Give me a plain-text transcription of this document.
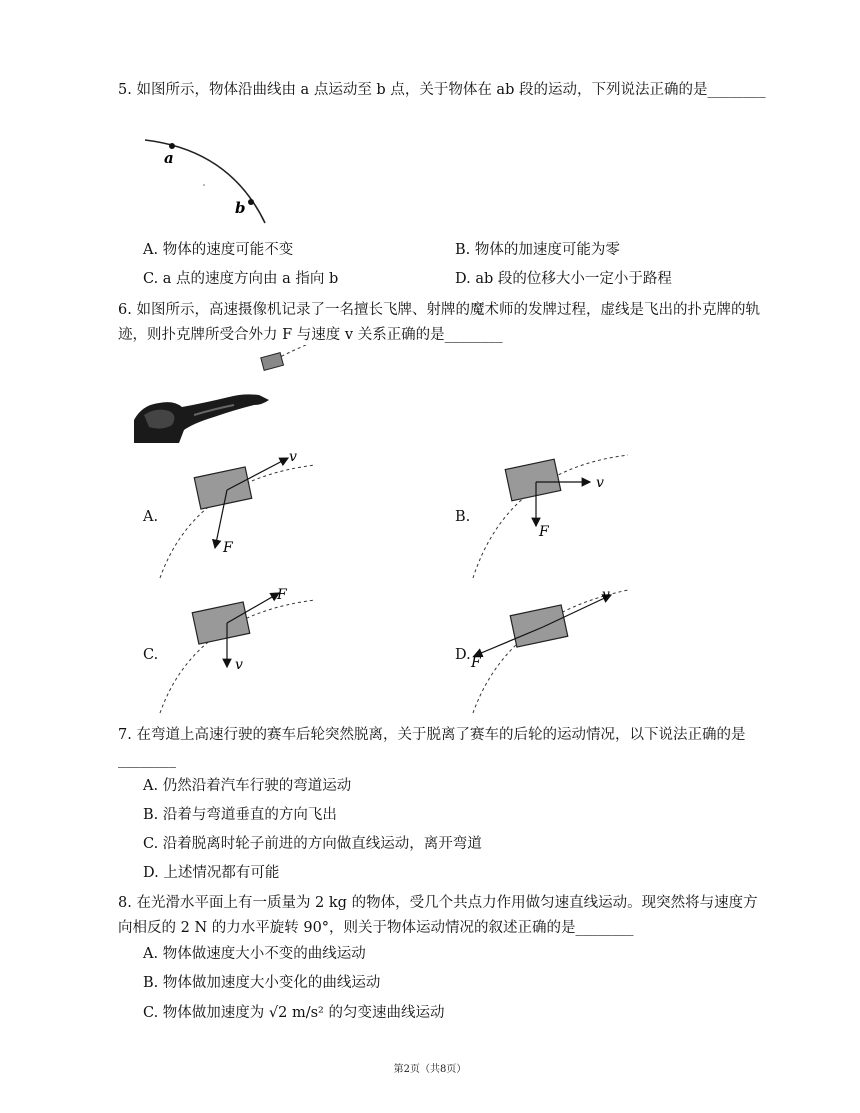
5. 如图所示，物体沿曲线由 a 点运动至 b 点，关于物体在 ab 段的运动，下列说法正确的是________
a
b
A. 物体的速度可能不变	B. 物体的加速度可能为零
C. a 点的速度方向由 a 指向 b	D. ab 段的位移大小一定小于路程
6. 如图所示，高速摄像机记录了一名擅长飞牌、射牌的魔术师的发牌过程，虚线是飞出的扑克牌的轨迹，则扑克牌所受合外力 F 与速度 v 关系正确的是________
A.
v
F
B.
v
F
C.
F
v
D.
v
F
7. 在弯道上高速行驶的赛车后轮突然脱离，关于脱离了赛车的后轮的运动情况，以下说法正确的是________
A. 仍然沿着汽车行驶的弯道运动
B. 沿着与弯道垂直的方向飞出
C. 沿着脱离时轮子前进的方向做直线运动，离开弯道
D. 上述情况都有可能
8. 在光滑水平面上有一质量为 2 kg 的物体，受几个共点力作用做匀速直线运动。现突然将与速度方向相反的 2 N 的力水平旋转 90°，则关于物体运动情况的叙述正确的是________
A. 物体做速度大小不变的曲线运动
B. 物体做加速度大小变化的曲线运动
C. 物体做加速度为 √2 m/s² 的匀变速曲线运动
第2页（共8页）
